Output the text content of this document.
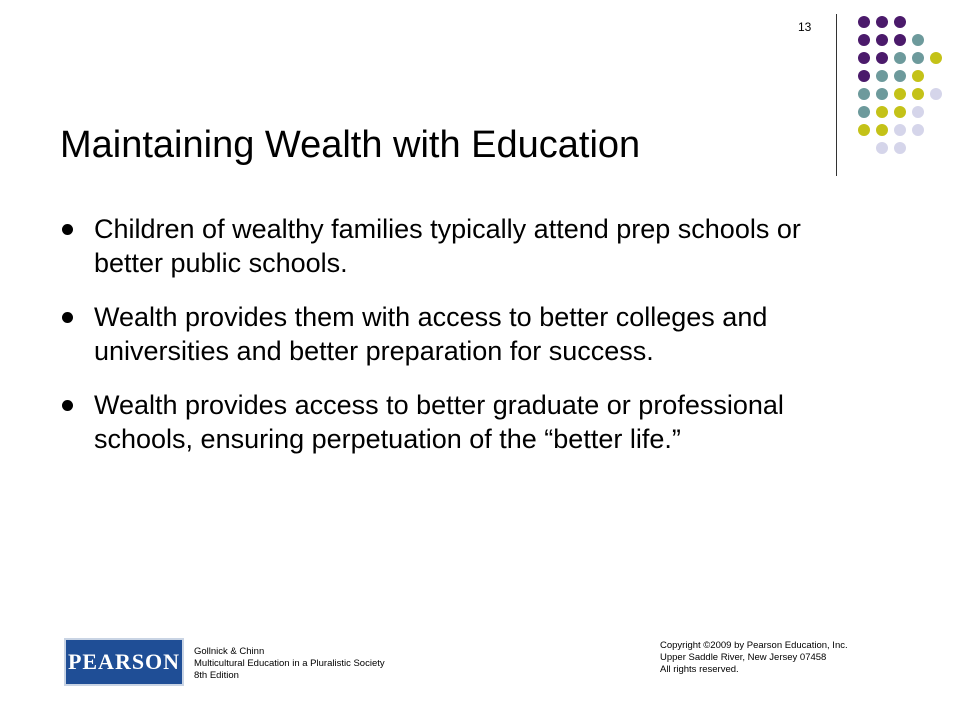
13
Maintaining Wealth with Education
Children of wealthy families typically attend prep schools or better public schools.
Wealth provides them with access to better colleges and universities and better preparation for success.
Wealth provides access to better graduate or professional schools, ensuring perpetuation of the “better life.”
PEARSON Gollnick & Chinn
Multicultural Education in a Pluralistic Society
8th Edition
Copyright ©2009 by Pearson Education, Inc.
Upper Saddle River, New Jersey 07458
All rights reserved.
